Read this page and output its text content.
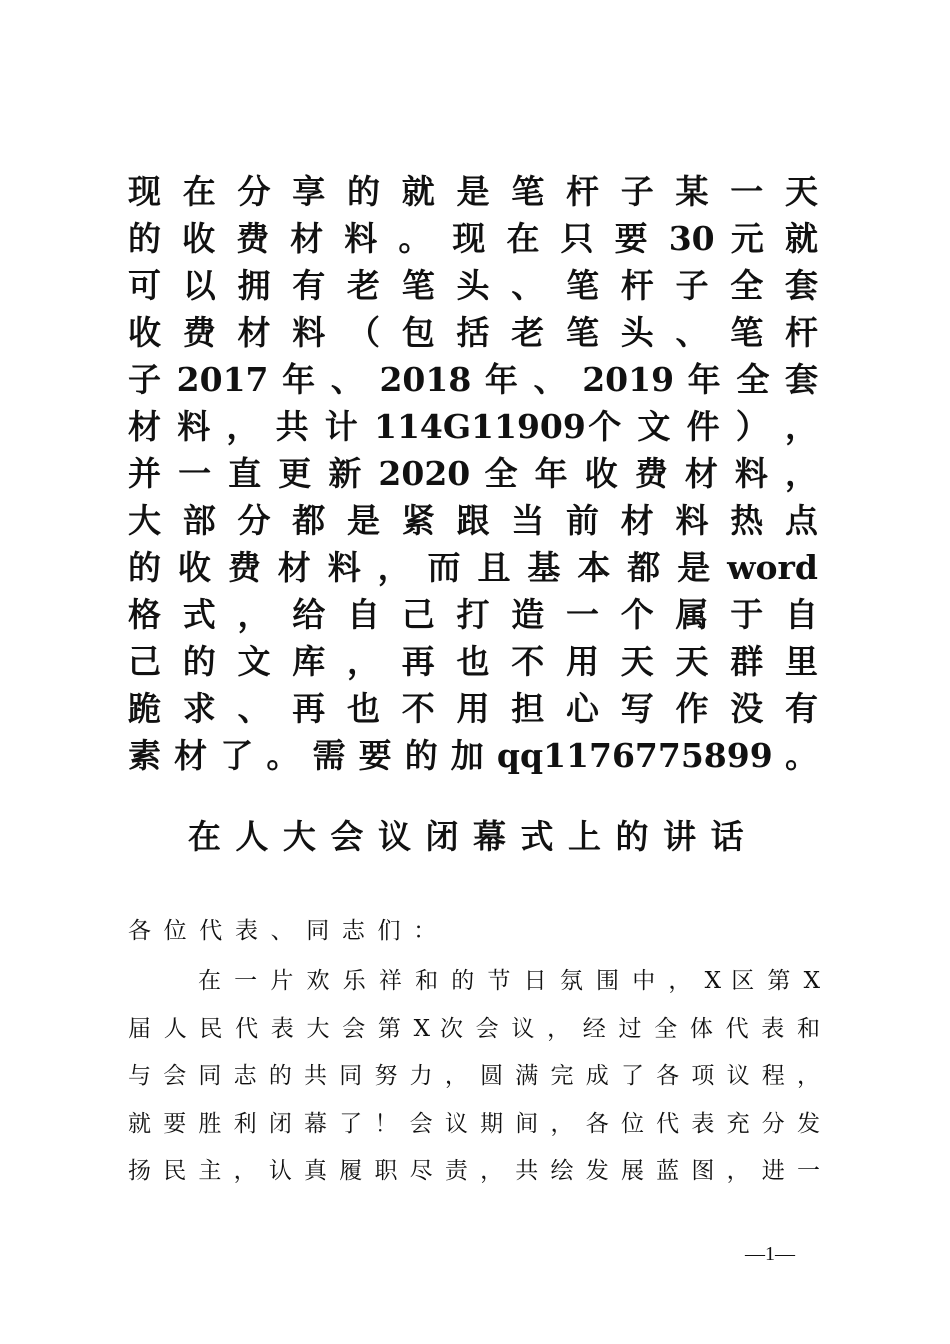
现 在 分 享 的 就 是 笔 杆 子 某 一 天
的 收 费 材 料 。 现 在 只 要 30 元 就
可 以 拥 有 老 笔 头 、 笔 杆 子 全 套
收 费 材 料 （ 包 括 老 笔 头 、 笔 杆
子 2017 年 、 2018 年 、 2019 年 全 套
材 料 ， 共 计 114G11909个 文 件 ） ，
并 一 直 更 新 2020 全 年 收 费 材 料 ，
大 部 分 都 是 紧 跟 当 前 材 料 热 点
的 收 费 材 料 ， 而 且 基 本 都 是 word
格 式 ， 给 自 己 打 造 一 个 属 于 自
己 的 文 库 ， 再 也 不 用 天 天 群 里
跪 求 、 再 也 不 用 担 心 写 作 没 有
素 材 了 。 需 要 的 加 qq1176775899 。
在人大会议闭幕式上的讲话
各位代表、同志们：
在 一 片 欢 乐 祥 和 的 节 日 氛 围 中 ， X 区 第 X
届 人 民 代 表 大 会 第 X 次 会 议 ， 经 过 全 体 代 表 和
与 会 同 志 的 共 同 努 力 ， 圆 满 完 成 了 各 项 议 程 ，
就 要 胜 利 闭 幕 了 ！ 会 议 期 间 ， 各 位 代 表 充 分 发
扬 民 主 ， 认 真 履 职 尽 责 ， 共 绘 发 展 蓝 图 ， 进 一
—1—
